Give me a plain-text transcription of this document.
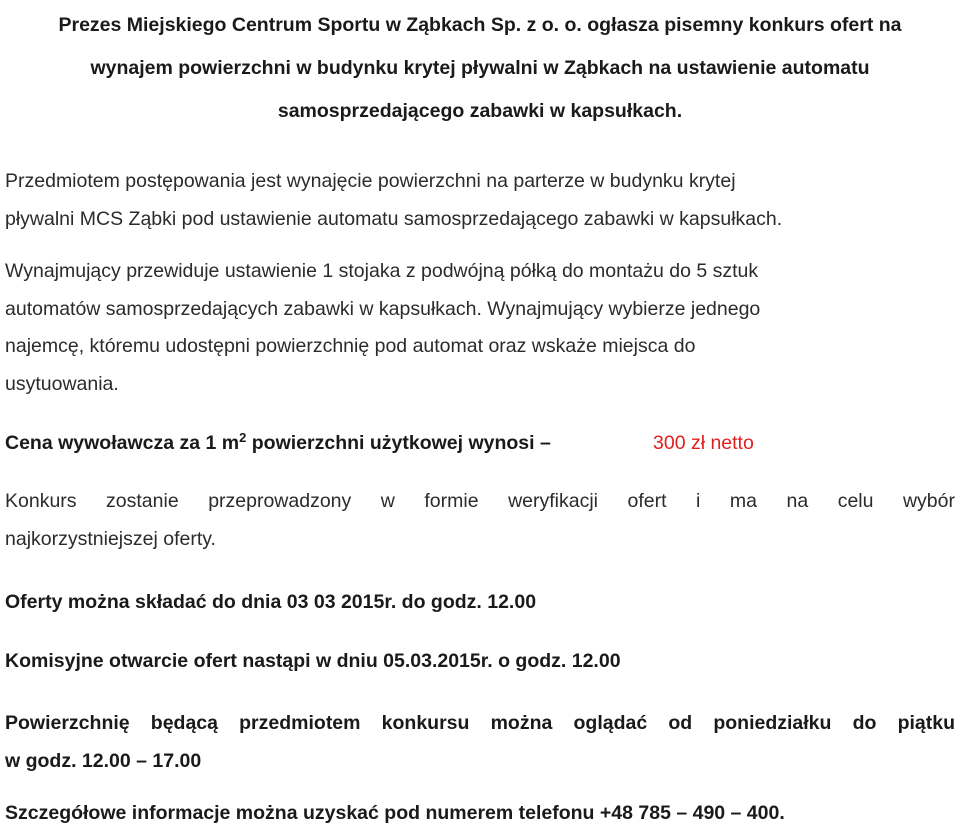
Prezes Miejskiego Centrum Sportu w Ząbkach Sp. z o. o. ogłasza pisemny konkurs ofert na
wynajem powierzchni w budynku krytej pływalni w Ząbkach na ustawienie automatu
samosprzedającego zabawki w kapsułkach.

Przedmiotem postępowania jest wynajęcie powierzchni na parterze w budynku krytej
pływalni MCS Ząbki pod ustawienie automatu samosprzedającego zabawki w kapsułkach.

Wynajmujący przewiduje ustawienie 1 stojaka z podwójną półką do montażu do 5 sztuk
automatów samosprzedających zabawki w kapsułkach. Wynajmujący wybierze jednego
najemcę, któremu udostępni powierzchnię pod automat oraz wskaże miejsca do
usytuowania.

Cena wywoławcza za 1 $m^2$ powierzchni użytkowej wynosi –	300 zł netto

Konkurs zostanie przeprowadzony w formie weryfikacji ofert i ma na celu wybór
najkorzystniejszej oferty.

Oferty można składać do dnia 03 03 2015r. do godz. 12.00

Komisyjne otwarcie ofert nastąpi w dniu 05.03.2015r. o godz. 12.00

Powierzchnię będącą przedmiotem konkursu można oglądać od poniedziałku do piątku
w godz. 12.00 – 17.00

Szczegółowe informacje można uzyskać pod numerem telefonu +48 785 – 490 – 400.
